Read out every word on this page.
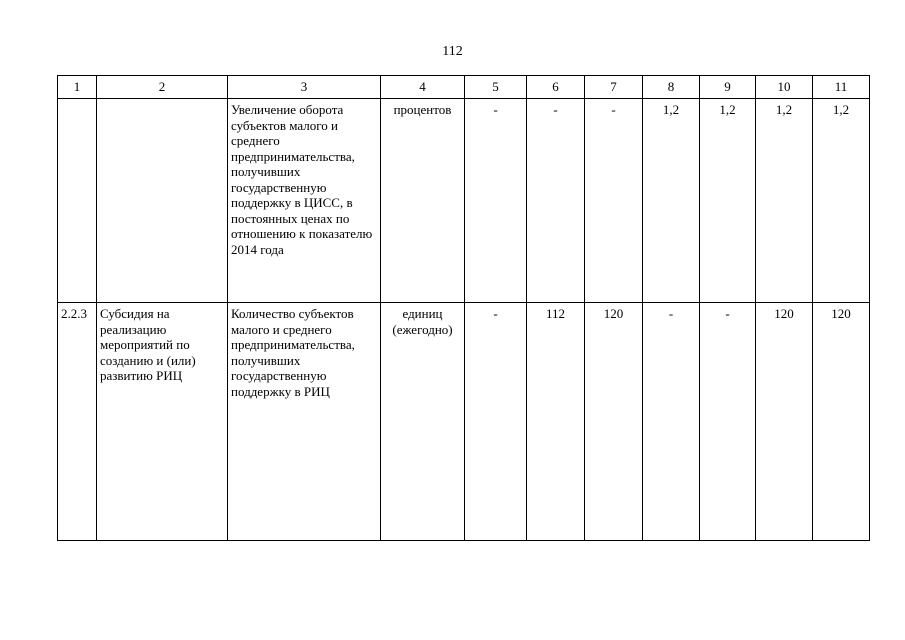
112
1	2	3	4	5	6	7	8	9	10	11
		Увеличение оборота субъектов малого и среднего предпринимательства, получивших государственную поддержку в ЦИСС, в постоянных ценах по отношению к показателю 2014 года	процентов	-	-	-	1,2	1,2	1,2	1,2
2.2.3	Субсидия на реализацию мероприятий по созданию и (или) развитию РИЦ	Количество субъектов малого и среднего предпринимательства, получивших государственную поддержку в РИЦ	единиц (ежегодно)	-	112	120	-	-	120	120
